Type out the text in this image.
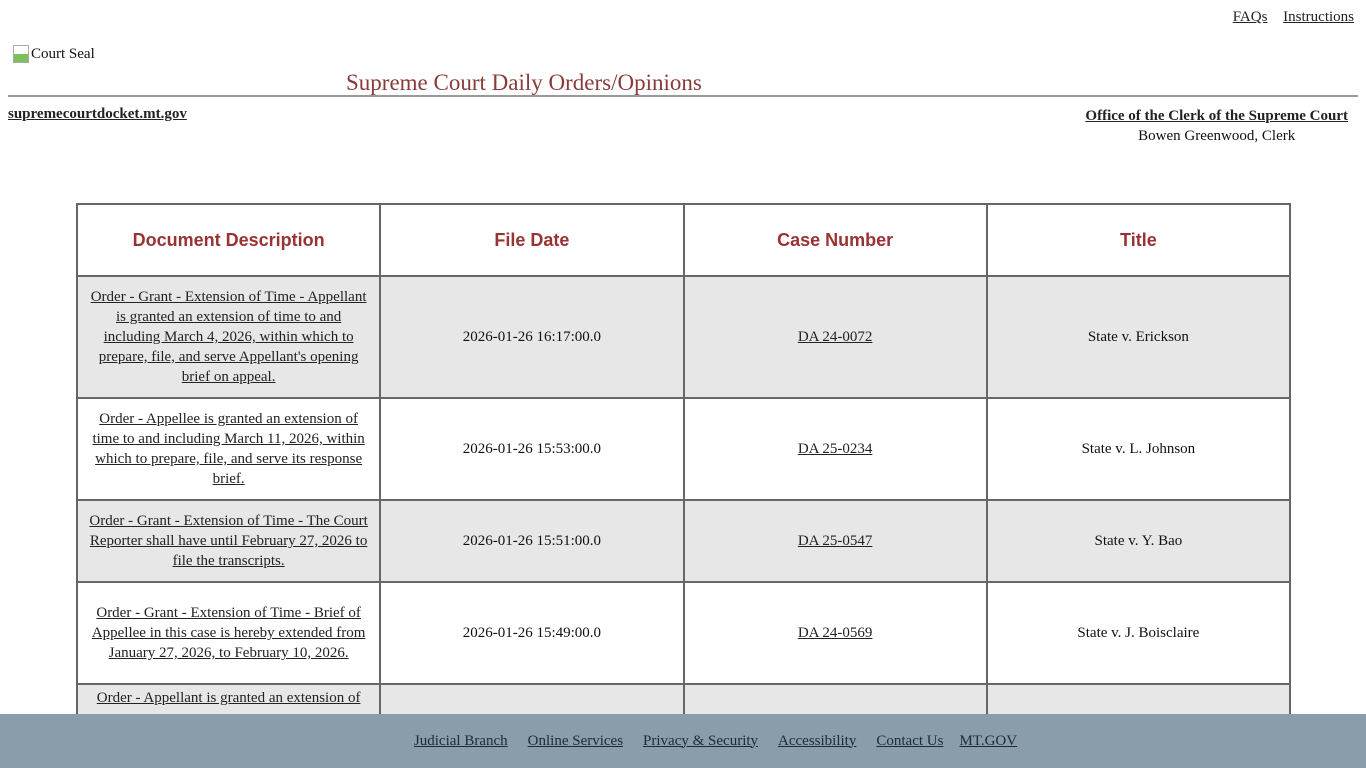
FAQs Instructions
Court Seal
Supreme Court Daily Orders/Opinions
supremecourtdocket.mt.gov	Office of the Clerk of the Supreme Court
Bowen Greenwood, Clerk
Document Description	File Date	Case Number	Title
Order - Grant - Extension of Time - Appellant is granted an extension of time to and including March 4, 2026, within which to prepare, file, and serve Appellant's opening brief on appeal.	2026-01-26 16:17:00.0	DA 24-0072	State v. Erickson
Order - Appellee is granted an extension of time to and including March 11, 2026, within which to prepare, file, and serve its response brief.	2026-01-26 15:53:00.0	DA 25-0234	State v. L. Johnson
Order - Grant - Extension of Time - The Court Reporter shall have until February 27, 2026 to file the transcripts.	2026-01-26 15:51:00.0	DA 25-0547	State v. Y. Bao
Order - Grant - Extension of Time - Brief of Appellee in this case is hereby extended from January 27, 2026, to February 10, 2026.	2026-01-26 15:49:00.0	DA 24-0569	State v. J. Boisclaire
Order - Appellant is granted an extension of			
Judicial Branch Online Services Privacy & Security Accessibility Contact Us MT.GOV
